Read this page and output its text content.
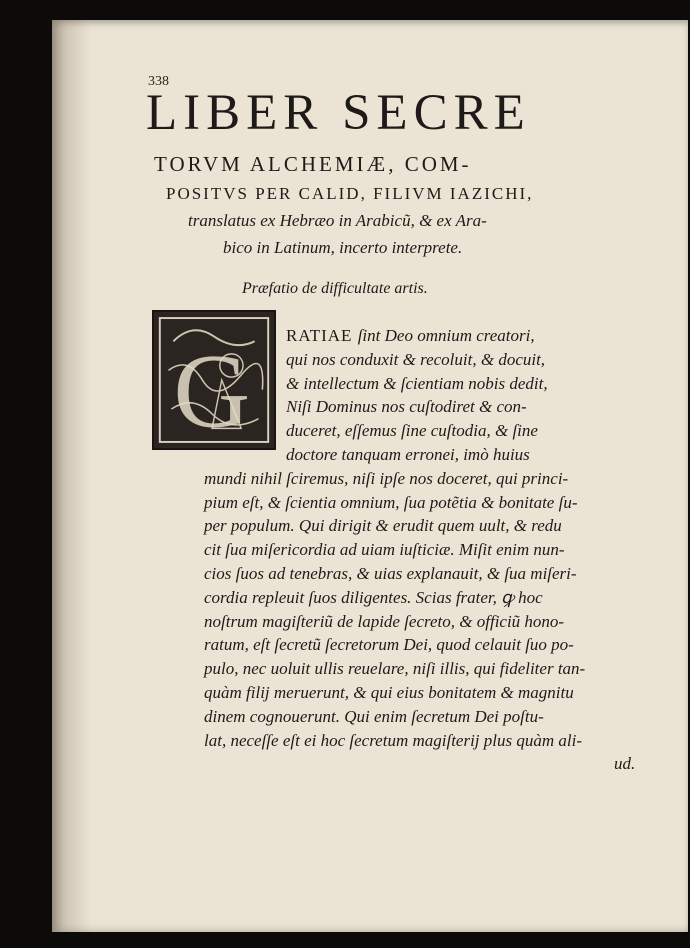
338
LIBER SECRE
TORVM ALCHEMIÆ, COM-
POSITVS PER CALID, FILIVM IAZICHI,
translatus ex Hebræo in Arabicũ, & ex Ara-
bico in Latinum, incerto interprete.
Præfatio de difficultate artis.
G RATIAE ſint Deo omnium creatori,
qui nos conduxit & recoluit, & docuit,
& intellectum & ſcientiam nobis dedit,
Niſi Dominus nos cuſtodiret & con-
duceret, eſſemus ſine cuſtodia, & ſine
doctore tanquam erronei, imò huius
mundi nihil ſciremus, niſi ipſe nos doceret, qui princi-
pium eſt, & ſcientia omnium, ſua potẽtia & bonitate ſu-
per populum. Qui dirigit & erudit quem uult, & redu
cit ſua miſericordia ad uiam iuſticiæ. Miſit enim nun-
cios ſuos ad tenebras, & uias explanauit, & ſua miſeri-
cordia repleuit ſuos diligentes. Scias frater, ꝙ hoc
noſtrum magiſteriũ de lapide ſecreto, & officiũ hono-
ratum, eſt ſecretũ ſecretorum Dei, quod celauit ſuo po-
pulo, nec uoluit ullis reuelare, niſi illis, qui fideliter tan-
quàm filij meruerunt, & qui eius bonitatem & magnitu
dinem cognouerunt. Qui enim ſecretum Dei poſtu-
lat, neceſſe eſt ei hoc ſecretum magiſterij plus quàm ali-
ud.
